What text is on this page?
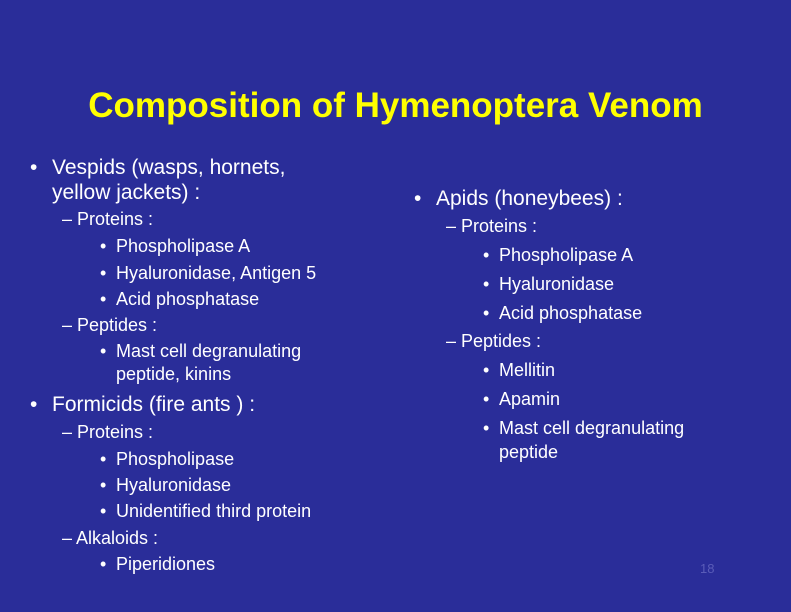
Composition of Hymenoptera Venom
• Vespids (wasps, hornets,
yellow jackets) :
– Proteins :
• Phospholipase A
• Hyaluronidase, Antigen 5
• Acid phosphatase
– Peptides :
• Mast cell degranulating
peptide, kinins
• Formicids (fire ants ) :
– Proteins :
• Phospholipase
• Hyaluronidase
• Unidentified third protein
– Alkaloids :
• Piperidiones
• Apids (honeybees) :
– Proteins :
• Phospholipase A
• Hyaluronidase
• Acid phosphatase
– Peptides :
• Mellitin
• Apamin
• Mast cell degranulating
peptide
18
